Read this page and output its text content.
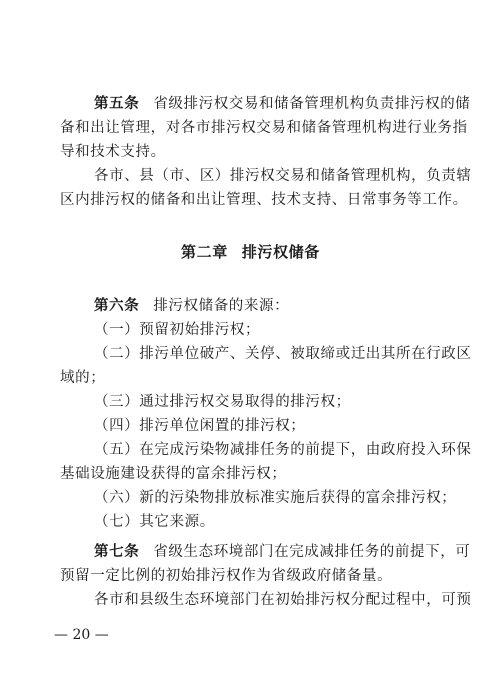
第五条 省级排污权交易和储备管理机构负责排污权的储
备和出让管理，对各市排污权交易和储备管理机构进行业务指
导和技术支持。
各市、县（市、区）排污权交易和储备管理机构，负责辖
区内排污权的储备和出让管理、技术支持、日常事务等工作。
第二章 排污权储备
第六条 排污权储备的来源：
（一）预留初始排污权；
（二）排污单位破产、关停、被取缔或迁出其所在行政区
域的；
（三）通过排污权交易取得的排污权；
（四）排污单位闲置的排污权；
（五）在完成污染物减排任务的前提下，由政府投入环保
基础设施建设获得的富余排污权；
（六）新的污染物排放标准实施后获得的富余排污权；
（七）其它来源。
第七条 省级生态环境部门在完成减排任务的前提下，可
预留一定比例的初始排污权作为省级政府储备量。
各市和县级生态环境部门在初始排污权分配过程中，可预
— 20 —
